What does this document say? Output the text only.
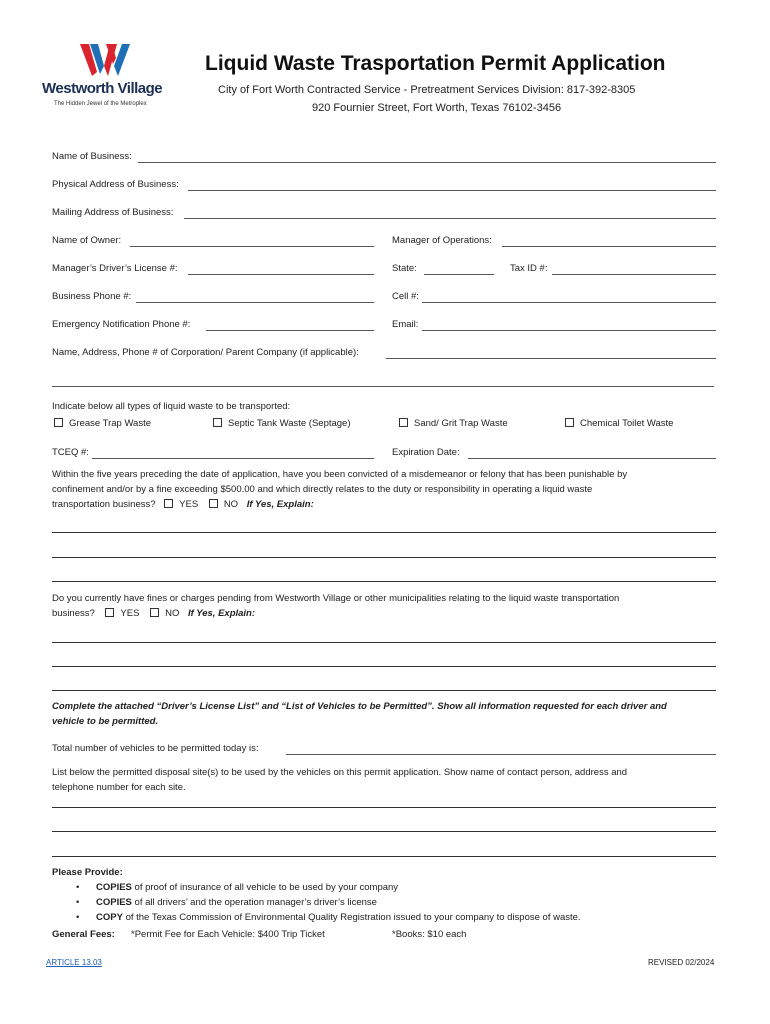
Westworth Village
The Hidden Jewel of the Metroplex
Liquid Waste Trasportation Permit Application
City of Fort Worth Contracted Service - Pretreatment Services Division: 817-392-8305
920 Fournier Street, Fort Worth, Texas 76102-3456
Name of Business:
Physical Address of Business:
Mailing Address of Business:
Name of Owner:	Manager of Operations:
Manager’s Driver’s License #:	State:	Tax ID #:
Business Phone #:	Cell #:
Emergency Notification Phone #:	Email:
Name, Address, Phone # of Corporation/ Parent Company (if applicable):
Indicate below all types of liquid waste to be transported:
Grease Trap Waste	Septic Tank Waste (Septage)	Sand/ Grit Trap Waste	Chemical Toilet Waste
TCEQ #:	Expiration Date:
Within the five years preceding the date of application, have you been convicted of a misdemeanor or felony that has been punishable by
confinement and/or by a fine exceeding $500.00 and which directly relates to the duty or responsibility in operating a liquid waste
transportation business? YES	NO If Yes, Explain:
Do you currently have fines or charges pending from Westworth Village or other municipalities relating to the liquid waste transportation
business?	YES	NO If Yes, Explain:
Complete the attached “Driver’s License List” and “List of Vehicles to be Permitted”. Show all information requested for each driver and
vehicle to be permitted.
Total number of vehicles to be permitted today is:
List below the permitted disposal site(s) to be used by the vehicles on this permit application. Show name of contact person, address and
telephone number for each site.
Please Provide:
• COPIES of proof of insurance of all vehicle to be used by your company
• COPIES of all drivers’ and the operation manager’s driver’s license
• COPY of the Texas Commission of Environmental Quality Registration issued to your company to dispose of waste.
General Fees: *Permit Fee for Each Vehicle: $400 Trip Ticket	*Books: $10 each
ARTICLE 13.03	REVISED 02/2024
